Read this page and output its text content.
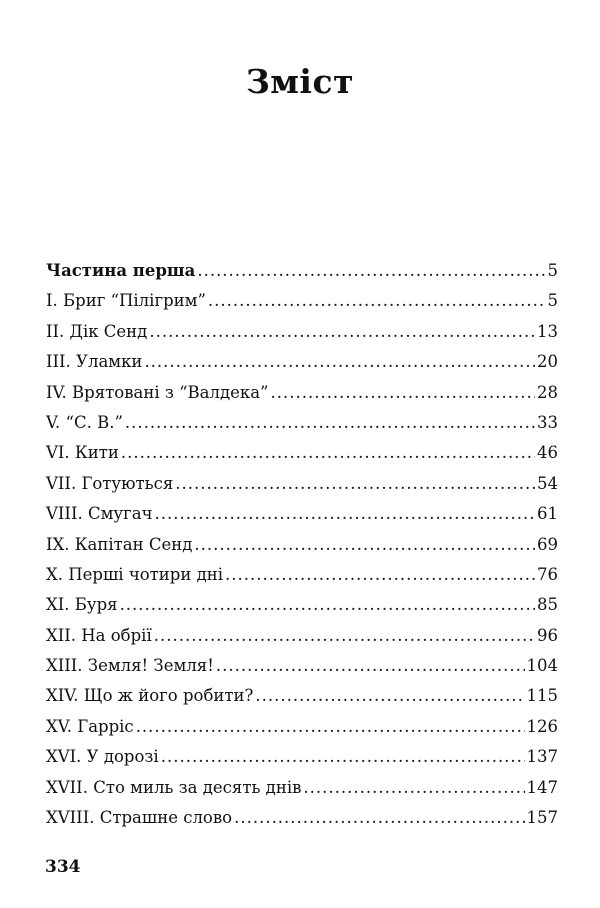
Зміст
Частина перша .....	5
I. Бриг “Пілігрим” .....	5
II. Дік Сенд .....	13
III. Уламки .....	20
IV. Врятовані з “Валдека” .....	28
V. “С. В.” .....	33
VI. Кити .....	46
VII. Готуються .....	54
VIII. Смугач .....	61
IX. Капітан Сенд .....	69
X. Перші чотири дні .....	76
XI. Буря .....	85
XII. На обрії .....	96
XIII. Земля! Земля! .....	104
XIV. Що ж його робити? .....	115
XV. Гарріс .....	126
XVI. У дорозі .....	137
XVII. Сто миль за десять днів .....	147
XVIII. Страшне слово .....	157
334
